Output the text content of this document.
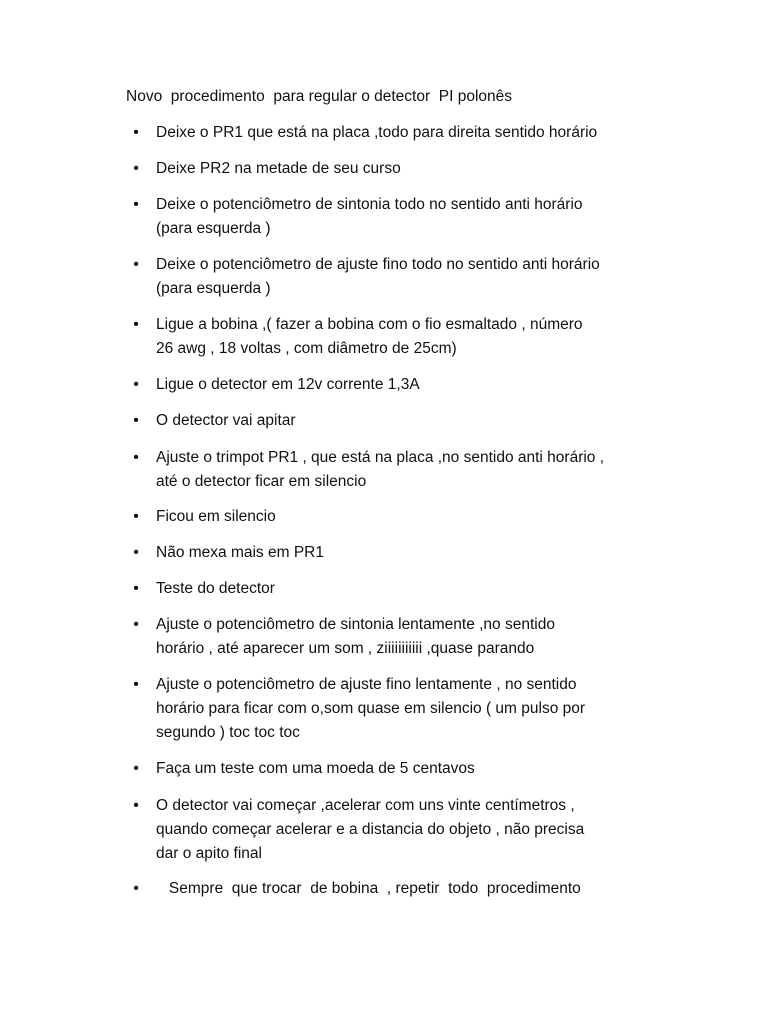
Novo  procedimento  para regular o detector  PI polonês

•
Deixe o PR1 que está na placa ,todo para direita sentido horário
•
Deixe PR2 na metade de seu curso
•
Deixe o potenciômetro de sintonia todo no sentido anti horário
(para esquerda )
•
Deixe o potenciômetro de ajuste fino todo no sentido anti horário
(para esquerda )
•
Ligue a bobina ,( fazer a bobina com o fio esmaltado , número
26 awg , 18 voltas , com diâmetro de 25cm)
•
Ligue o detector em 12v corrente 1,3A
•
O detector vai apitar
•
Ajuste o trimpot PR1 , que está na placa ,no sentido anti horário ,
até o detector ficar em silencio
•
Ficou em silencio
•
Não mexa mais em PR1
•
Teste do detector
•
Ajuste o potenciômetro de sintonia lentamente ,no sentido
horário , até aparecer um som , ziiiiiiiiiii ,quase parando
•
Ajuste o potenciômetro de ajuste fino lentamente , no sentido
horário para ficar com o,som quase em silencio ( um pulso por
segundo ) toc toc toc
•
Faça um teste com uma moeda de 5 centavos
•
O detector vai começar ,acelerar com uns vinte centímetros ,
quando começar acelerar e a distancia do objeto , não precisa
dar o apito final
•
Sempre  que trocar  de bobina  , repetir  todo  procedimento
